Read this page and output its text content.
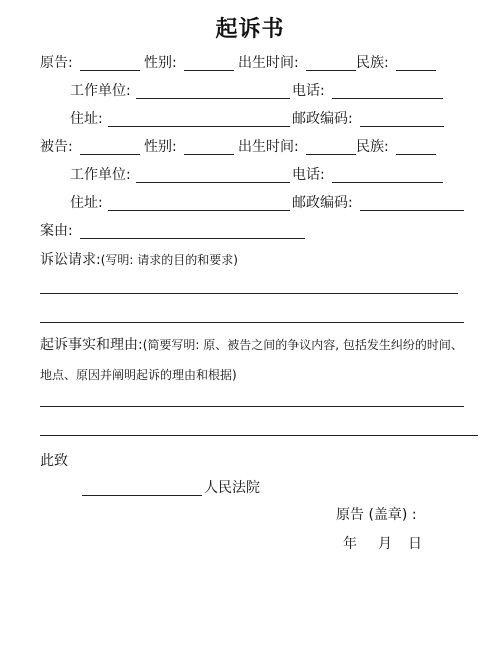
起诉书
原告:	性别:	出生时间:	民族:
工作单位:	电话:
住址:	邮政编码:
被告:	性别:	出生时间:	民族:
工作单位:	电话:
住址:	邮政编码:
案由:
诉讼请求:(写明: 请求的目的和要求)
起诉事实和理由:(简要写明: 原、被告之间的争议内容, 包括发生纠纷的时间、
地点、原因并阐明起诉的理由和根据)
此致
人民法院
原告 (盖章) :
年 月 日
